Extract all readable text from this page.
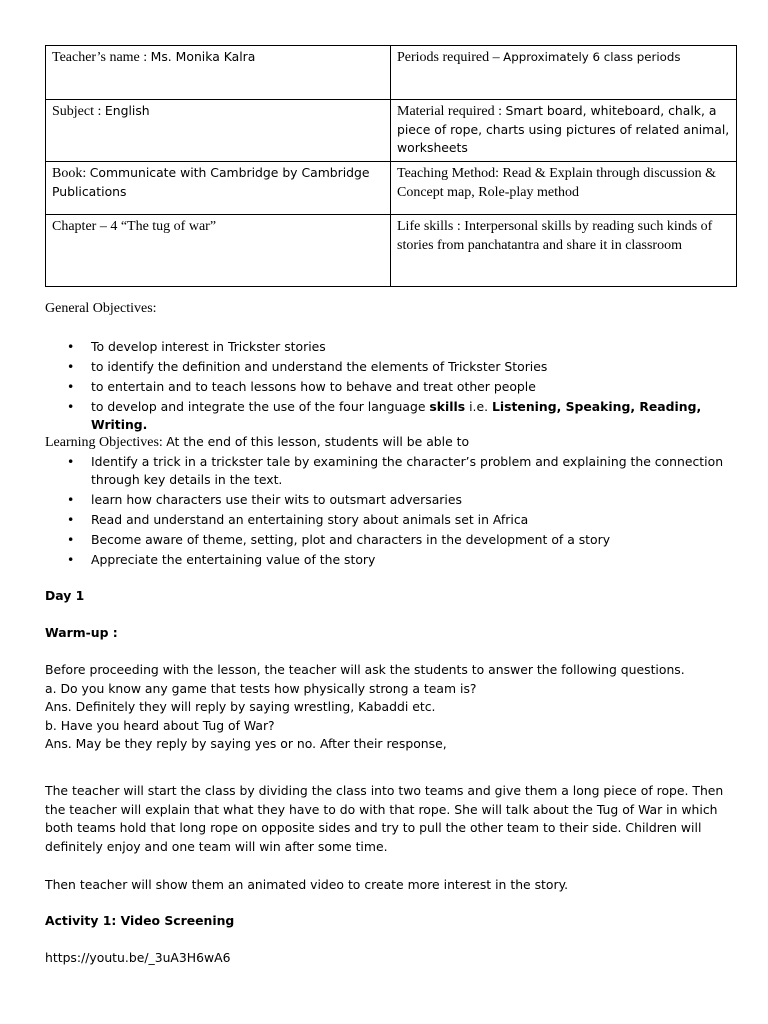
Teacher’s name : Ms. Monika Kalra	Periods required – Approximately 6 class periods
Subject : English	Material required : Smart board, whiteboard, chalk, a piece of rope, charts using pictures of related animal, worksheets
Book: Communicate with Cambridge by Cambridge Publications	Teaching Method: Read & Explain through discussion & Concept map, Role-play method
Chapter – 4 “The tug of war”	Life skills : Interpersonal skills by reading such kinds of stories from panchatantra and share it in classroom
General Objectives:
• To develop interest in Trickster stories
• to identify the definition and understand the elements of Trickster Stories
• to entertain and to teach lessons how to behave and treat other people
• to develop and integrate the use of the four language skills i.e. Listening, Speaking, Reading, Writing.
Learning Objectives: At the end of this lesson, students will be able to
• Identify a trick in a trickster tale by examining the character’s problem and explaining the connection through key details in the text.
• learn how characters use their wits to outsmart adversaries
• Read and understand an entertaining story about animals set in Africa
• Become aware of theme, setting, plot and characters in the development of a story
• Appreciate the entertaining value of the story
Day 1
Warm-up :
Before proceeding with the lesson, the teacher will ask the students to answer the following questions.
a. Do you know any game that tests how physically strong a team is?
Ans. Definitely they will reply by saying wrestling, Kabaddi etc.
b. Have you heard about Tug of War?
Ans. May be they reply by saying yes or no. After their response,
The teacher will start the class by dividing the class into two teams and give them a long piece of rope. Then the teacher will explain that what they have to do with that rope. She will talk about the Tug of War in which both teams hold that long rope on opposite sides and try to pull the other team to their side. Children will definitely enjoy and one team will win after some time.
Then teacher will show them an animated video to create more interest in the story.
Activity 1: Video Screening
https://youtu.be/_3uA3H6wA6
